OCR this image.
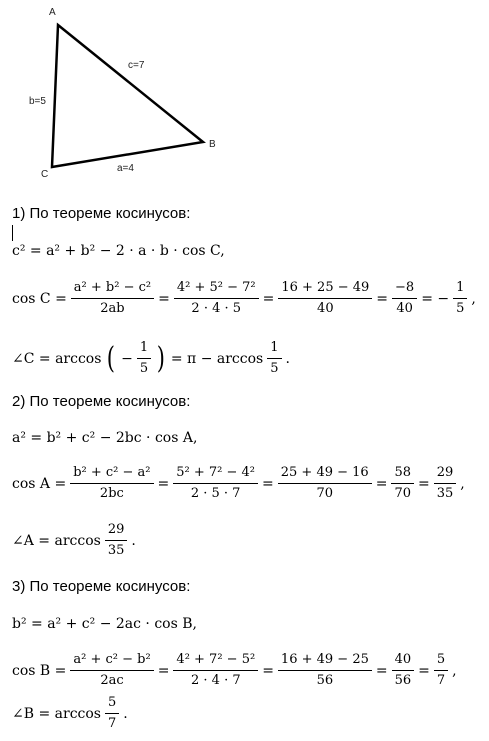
A
B
C
c=7
b=5
a=4
1) По теореме косинусов:
c² = a² + b² − 2 · a · b · cos C,
$\cos C = \frac{\text{a² + b² − c²}}{2ab} = \frac{\text{4² + 5² − 7²}}{2 \cdot 4 \cdot 5} = \frac{16 + 25 - 49}{40} = \frac{-8}{40}$ = − $\frac{1}{5}$ ,
∠C = arccos ( − $\frac{1}{5}$ ) = $\pi - \arccos \frac{1}{5}$ .
2) По теореме косинусов:
a² = b² + c² − 2bc · cos A,
$\cos A = \frac{\text{b² + c² − a²}}{2bc} = \frac{\text{5² + 7² − 4²}}{2 \cdot 5 \cdot 7} = \frac{25 + 49 - 16}{70} = \frac{58}{70} = \frac{29}{35}$ ,
∠A = $\arccos \frac{29}{35}$ .
3) По теореме косинусов:
b² = a² + c² − 2ac · cos B,
$\cos B = \frac{\text{a² + c² − b²}}{2ac} = \frac{\text{4² + 7² − 5²}}{2 \cdot 4 \cdot 7} = \frac{16 + 49 - 25}{56} = \frac{40}{56} = \frac{5}{7}$ ,
∠B = $\arccos \frac{5}{7}$ .
